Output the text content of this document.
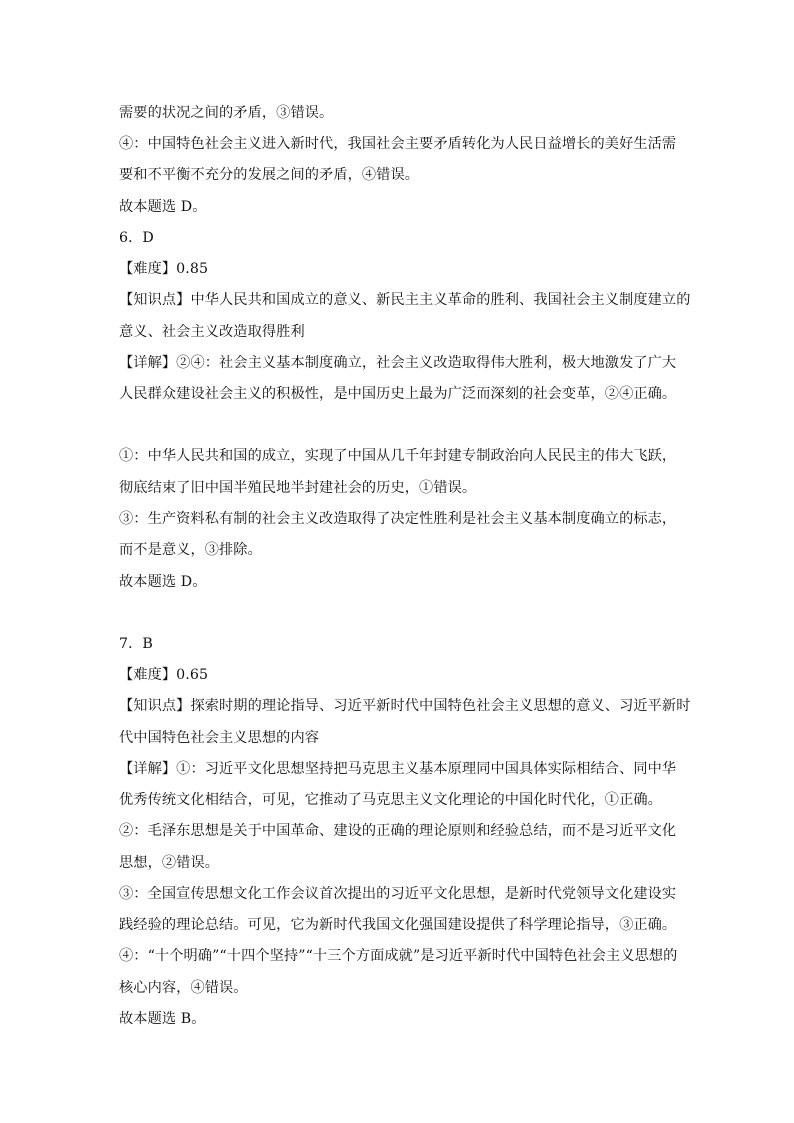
需要的状况之间的矛盾，③错误。
④：中国特色社会主义进入新时代，我国社会主要矛盾转化为人民日益增长的美好生活需
要和不平衡不充分的发展之间的矛盾，④错误。
故本题选 D。
6．D
【难度】0.85
【知识点】中华人民共和国成立的意义、新民主主义革命的胜利、我国社会主义制度建立的
意义、社会主义改造取得胜利
【详解】②④：社会主义基本制度确立，社会主义改造取得伟大胜利，极大地激发了广大
人民群众建设社会主义的积极性，是中国历史上最为广泛而深刻的社会变革，②④正确。
①：中华人民共和国的成立，实现了中国从几千年封建专制政治向人民民主的伟大飞跃，
彻底结束了旧中国半殖民地半封建社会的历史，①错误。
③：生产资料私有制的社会主义改造取得了决定性胜利是社会主义基本制度确立的标志，
而不是意义，③排除。
故本题选 D。
7．B
【难度】0.65
【知识点】探索时期的理论指导、习近平新时代中国特色社会主义思想的意义、习近平新时
代中国特色社会主义思想的内容
【详解】①：习近平文化思想坚持把马克思主义基本原理同中国具体实际相结合、同中华
优秀传统文化相结合，可见，它推动了马克思主义文化理论的中国化时代化，①正确。
②：毛泽东思想是关于中国革命、建设的正确的理论原则和经验总结，而不是习近平文化
思想，②错误。
③：全国宣传思想文化工作会议首次提出的习近平文化思想，是新时代党领导文化建设实
践经验的理论总结。可见，它为新时代我国文化强国建设提供了科学理论指导，③正确。
④：“十个明确”“十四个坚持”“十三个方面成就”是习近平新时代中国特色社会主义思想的
核心内容，④错误。
故本题选 B。
